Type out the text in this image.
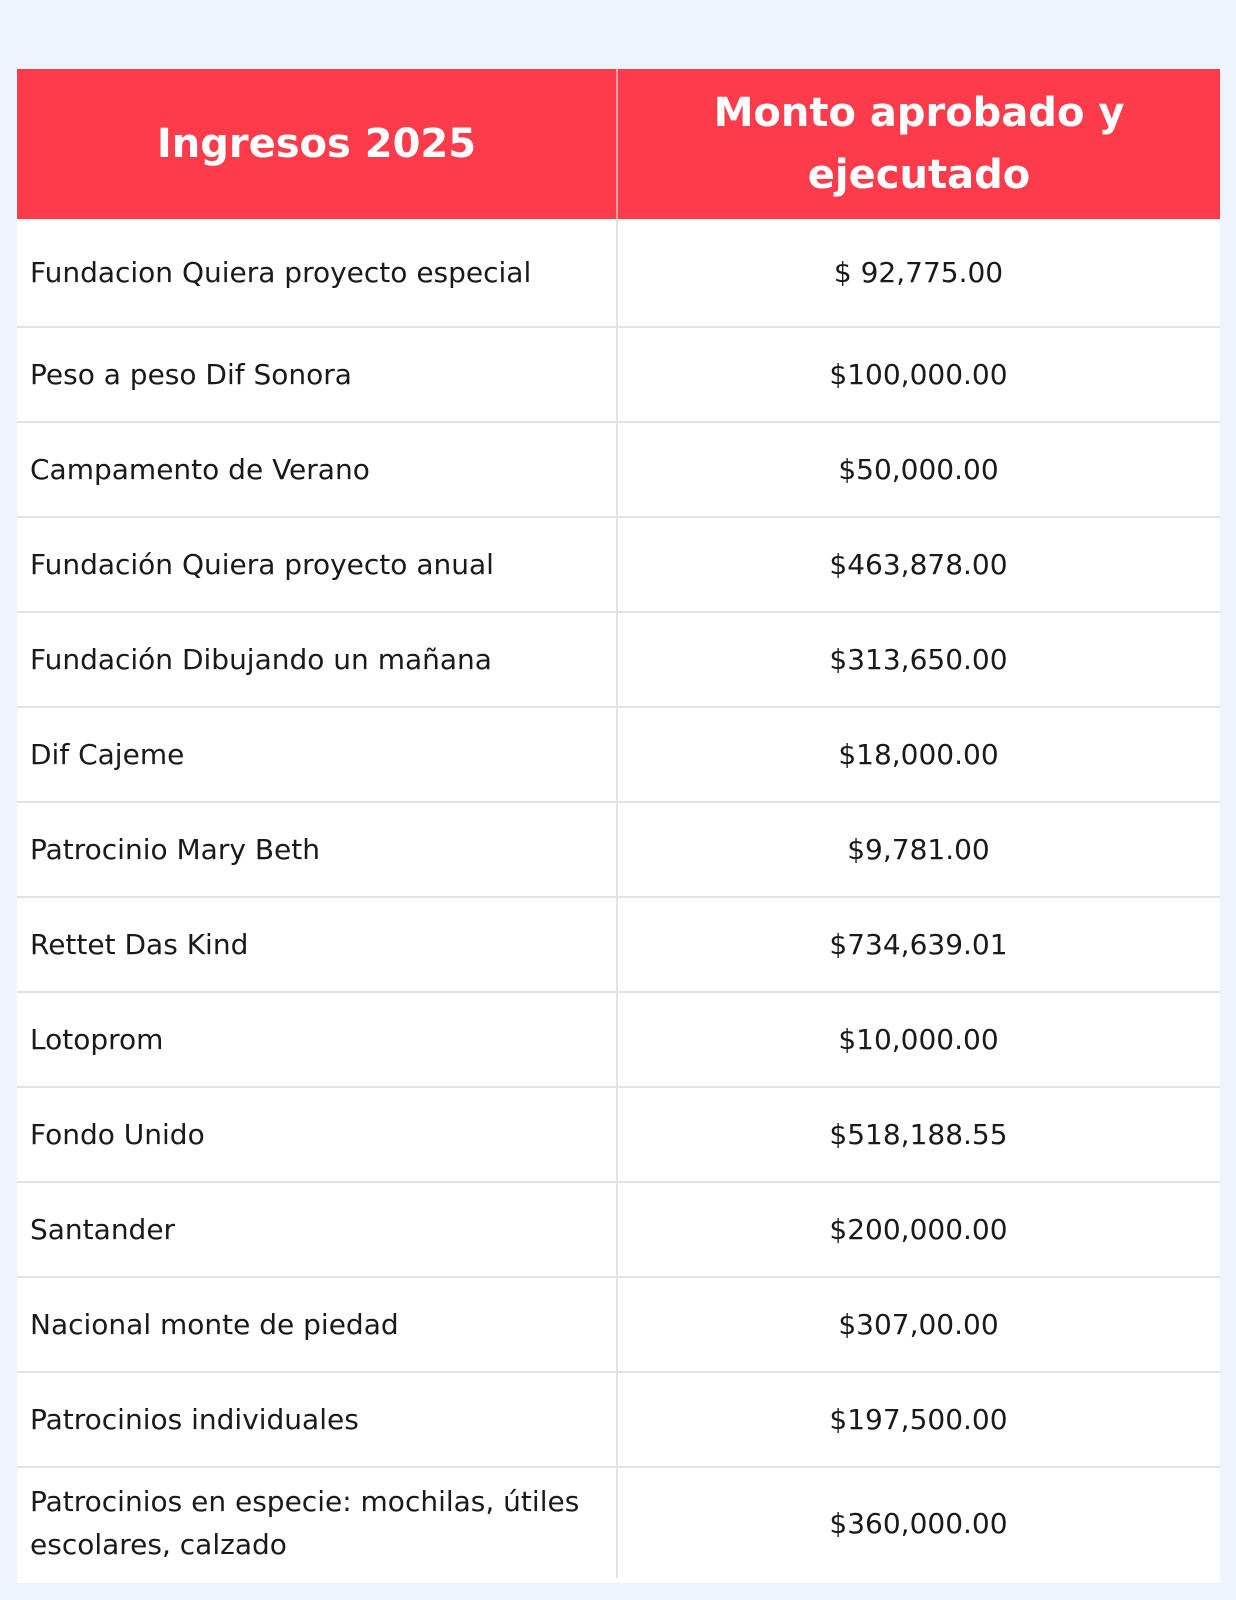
Ingresos 2025	Monto aprobado y ejecutado
Fundacion Quiera proyecto especial	$ 92,775.00
Peso a peso Dif Sonora	$100,000.00
Campamento de Verano	$50,000.00
Fundación Quiera proyecto anual	$463,878.00
Fundación Dibujando un mañana	$313,650.00
Dif Cajeme	$18,000.00
Patrocinio Mary Beth	$9,781.00
Rettet Das Kind	$734,639.01
Lotoprom	$10,000.00
Fondo Unido	$518,188.55
Santander	$200,000.00
Nacional monte de piedad	$307,00.00
Patrocinios individuales	$197,500.00
Patrocinios en especie: mochilas, útiles escolares, calzado	$360,000.00
